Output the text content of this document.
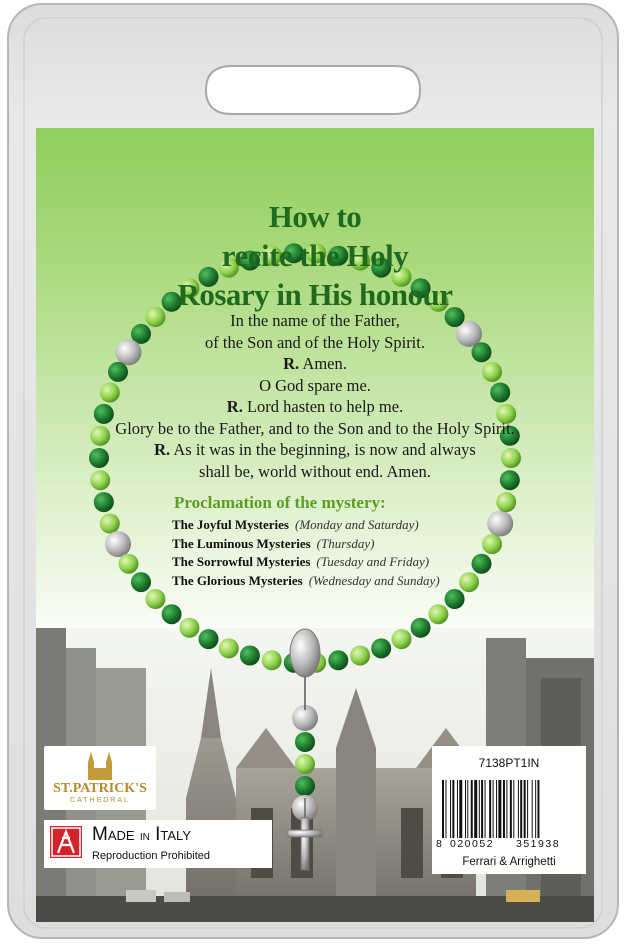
How to
recite the Holy
Rosary in His honour
In the name of the Father,
of the Son and of the Holy Spirit.
R. Amen.
O God spare me.
R. Lord hasten to help me.
Glory be to the Father, and to the Son and to the Holy Spirit.
R. As it was in the beginning, is now and always
shall be, world without end. Amen.
Proclamation of the mystery:
The Joyful Mysteries (Monday and Saturday)
The Luminous Mysteries (Thursday)
The Sorrowful Mysteries (Tuesday and Friday)
The Glorious Mysteries (Wednesday and Sunday)
ST.PATRICK'S
CATHEDRAL
Made in Italy
Reproduction Prohibited
7138PT1IN
8 020052 351938
Ferrari & Arrighetti
